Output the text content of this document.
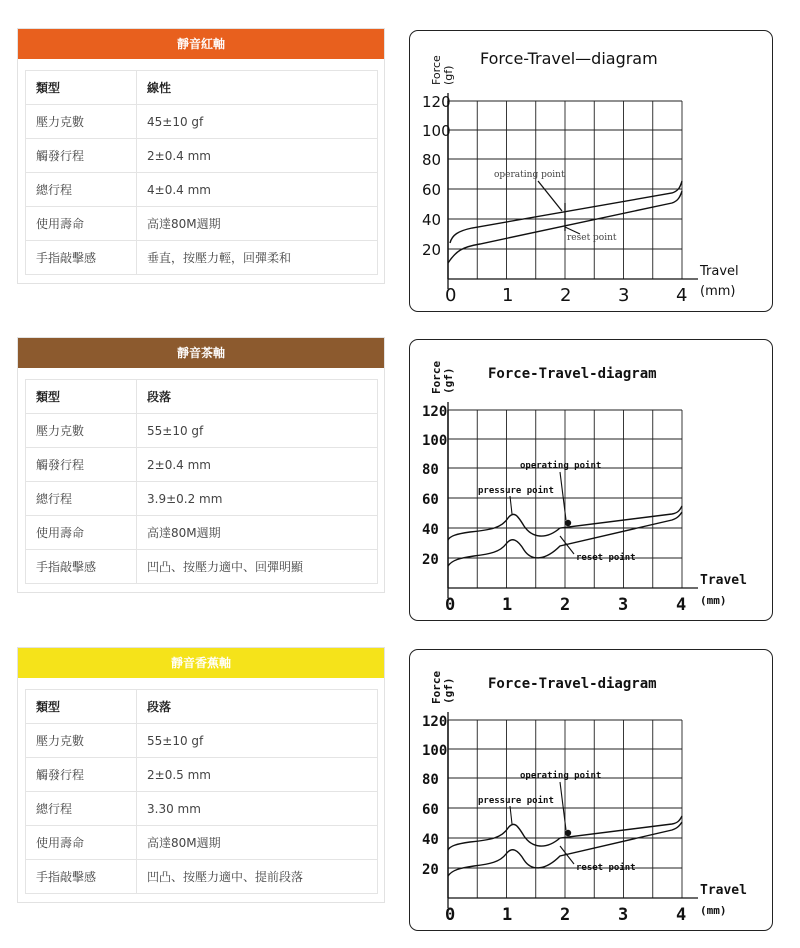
靜音紅軸
類型	線性
壓力克數	45±10 gf
觸發行程	2±0.4 mm
總行程	4±0.4 mm
使用壽命	高達80M週期
手指敲擊感	垂直，按壓力輕，回彈柔和
靜音茶軸
類型	段落
壓力克數	55±10 gf
觸發行程	2±0.4 mm
總行程	3.9±0.2 mm
使用壽命	高達80M週期
手指敲擊感	凹凸、按壓力適中、回彈明顯
靜音香蕉軸
類型	段落
壓力克數	55±10 gf
觸發行程	2±0.5 mm
總行程	3.30 mm
使用壽命	高達80M週期
手指敲擊感	凹凸、按壓力適中、提前段落
Force (gf)
Force-Travel—diagram
120
100
80
60
40
20
0	1	2	3	4
Travel
(mm)
operating point
reset point
Force (gf) Force-Travel-diagram
120
100
80
60
40
20
0	1	2	3	4
Travel
(mm)
operating point
pressure point
reset point
Force (gf) Force-Travel-diagram
120
100
80
60
40
20
0	1	2	3	4
Travel
(mm)
operating point
pressure point
reset point
